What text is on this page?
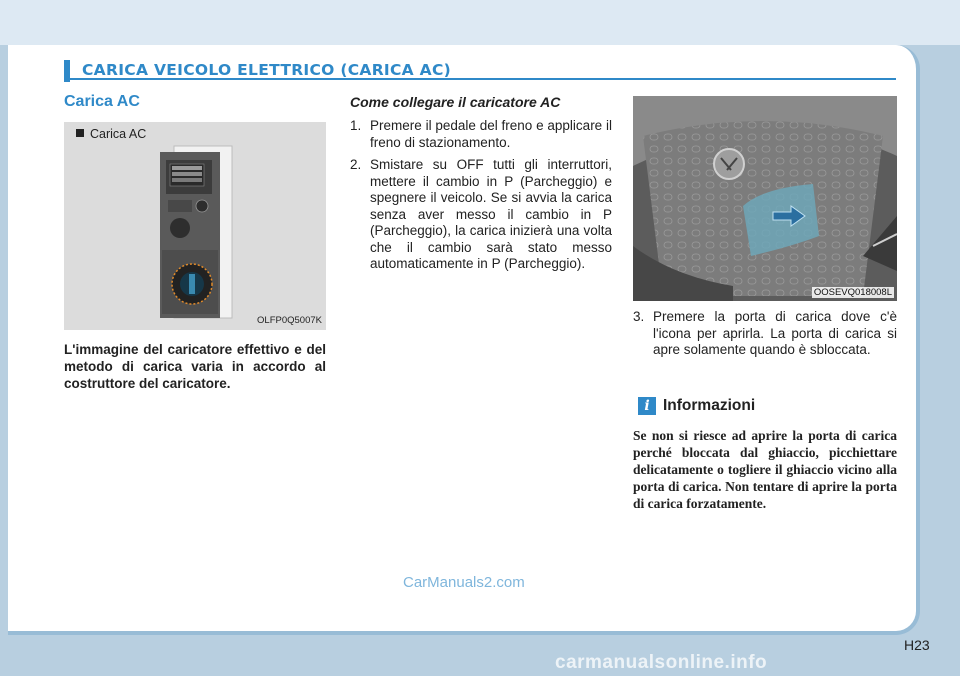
CARICA VEICOLO ELETTRICO (CARICA AC)
Carica AC
Carica AC
OLFP0Q5007K

L'immagine del caricatore effettivo e del metodo di carica varia in accordo al costruttore del caricatore.

Come collegare il caricatore AC
1. Premere il pedale del freno e applicare il freno di stazionamento.
2. Smistare su OFF tutti gli interruttori, mettere il cambio in P (Parcheggio) e spegnere il veicolo. Se si avvia la carica senza aver messo il cambio in P (Parcheggio), la carica inizierà una volta che il cambio sarà stato messo automaticamente in P (Parcheggio).
OOSEVQ018008L
3. Premere la porta di carica dove c'è l'icona per aprirla. La porta di carica si apre solamente quando è sbloccata.
i Informazioni

Se non si riesce ad aprire la porta di carica perché bloccata dal ghiaccio, picchiettare delicatamente o togliere il ghiaccio vicino alla porta di carica. Non tentare di aprire la porta di carica forzatamente.

CarManuals2.com
H23
carmanualsonline.info
